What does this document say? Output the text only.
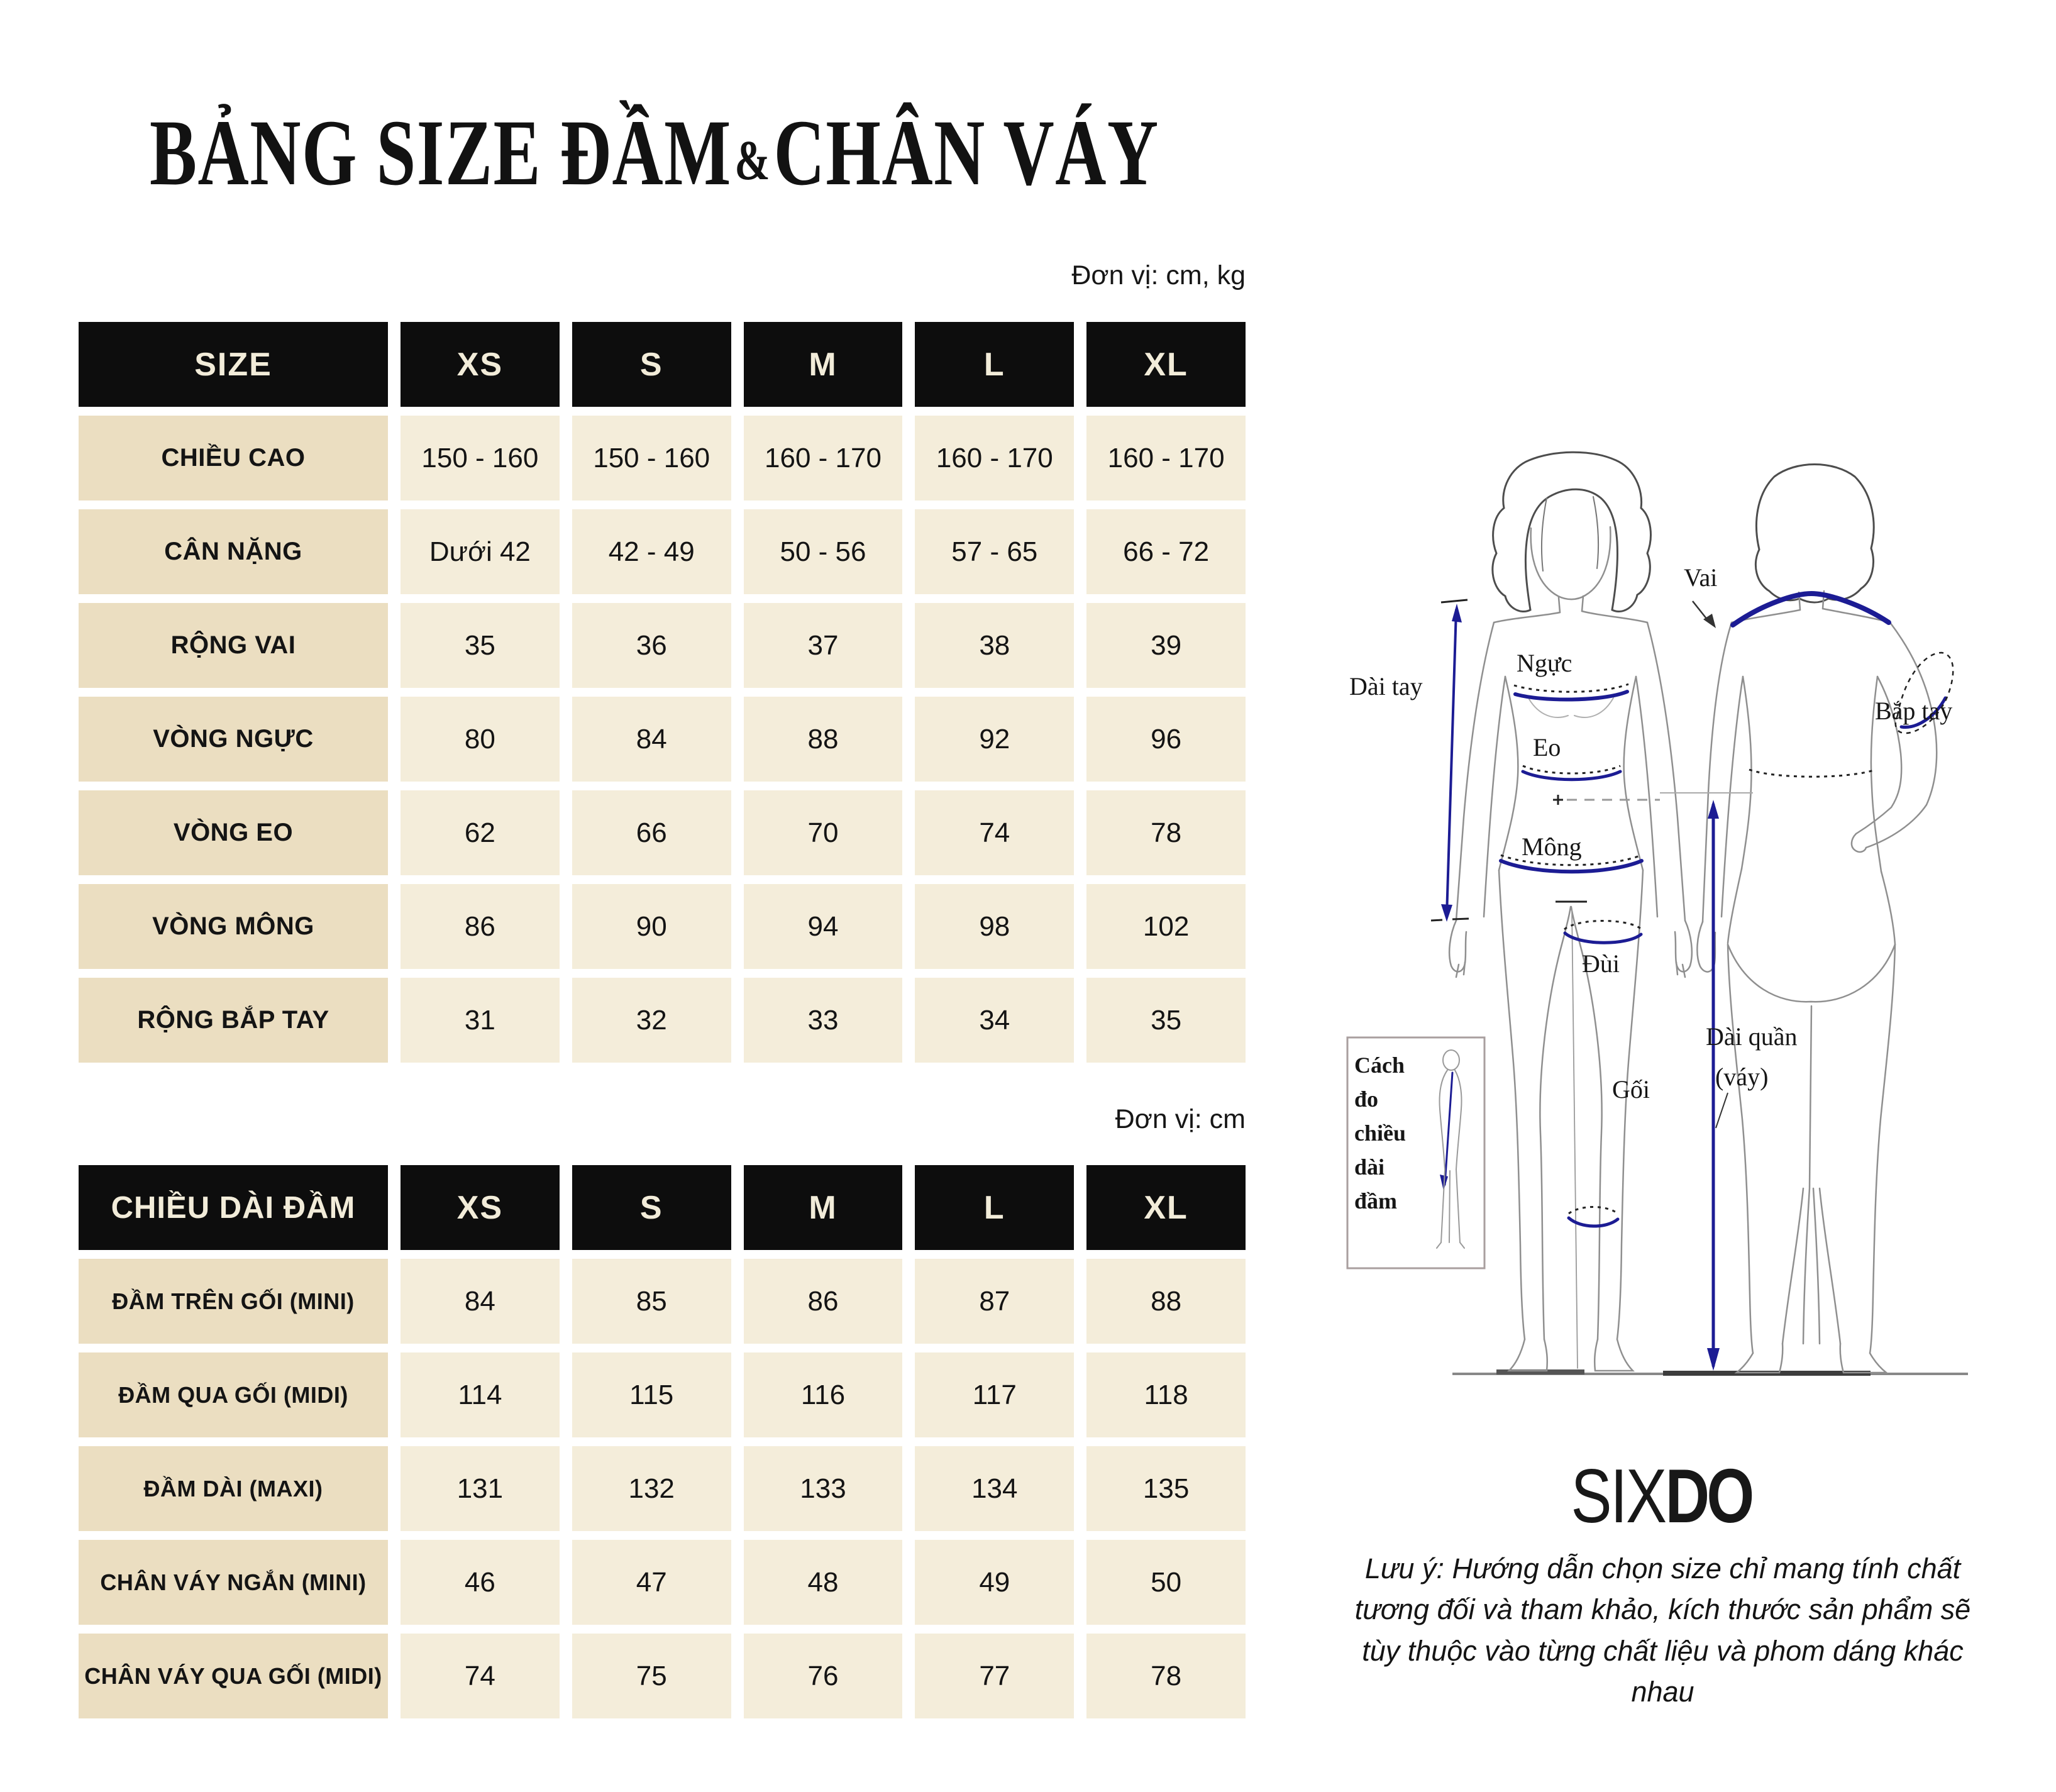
BẢNG SIZE ĐẦM&CHÂN VÁY
Đơn vị: cm, kg
SIZE	XS	S	M	L	XL
CHIỀU CAO	150 - 160	150 - 160	160 - 170	160 - 170	160 - 170
CÂN NẶNG	Dưới 42	42 - 49	50 - 56	57 - 65	66 - 72
RỘNG VAI	35	36	37	38	39
VÒNG NGỰC	80	84	88	92	96
VÒNG EO	62	66	70	74	78
VÒNG MÔNG	86	90	94	98	102
RỘNG BẮP TAY	31	32	33	34	35
Đơn vị: cm
CHIỀU DÀI ĐẦM	XS	S	M	L	XL
ĐẦM TRÊN GỐI (MINI)	84	85	86	87	88
ĐẦM QUA GỐI (MIDI)	114	115	116	117	118
ĐẦM DÀI (MAXI)	131	132	133	134	135
CHÂN VÁY NGẮN (MINI)	46	47	48	49	50
CHÂN VÁY QUA GỐI (MIDI)	74	75	76	77	78
Dài tay
Ngực
Eo
Mông
Đùi
Gối
Vai
Bắp tay
Dài quần
(váy)
Cách
đo
chiều
dài
đầm
SIXDO
Lưu ý: Hướng dẫn chọn size chỉ mang tính chất tương đối và tham khảo, kích thước sản phẩm sẽ tùy thuộc vào từng chất liệu và phom dáng khác nhau
